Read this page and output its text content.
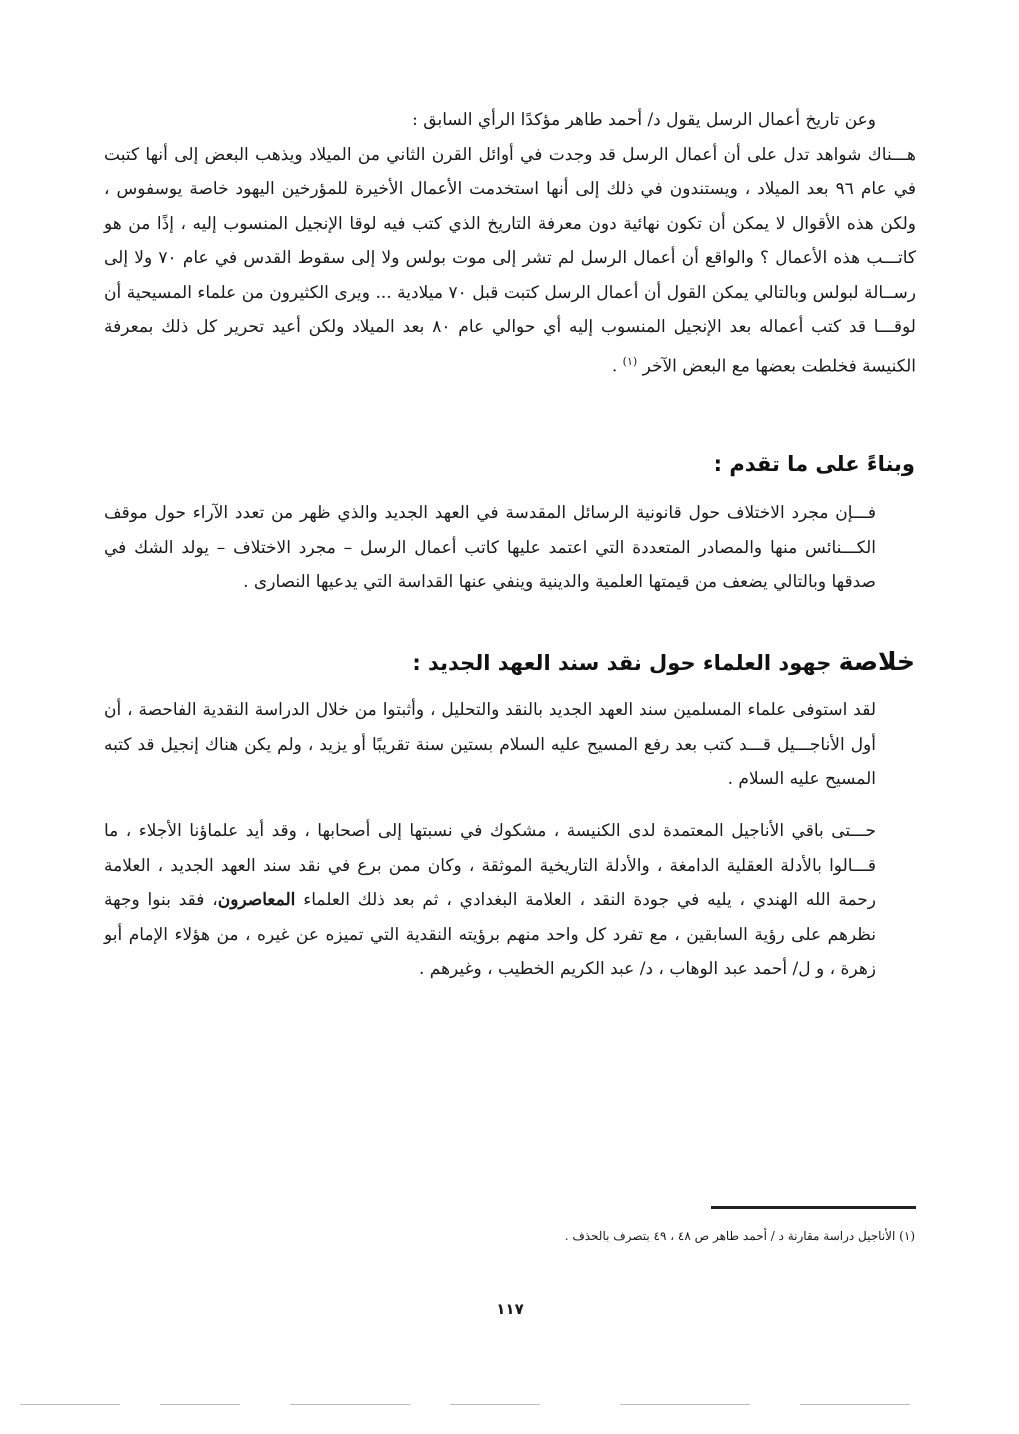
وعن تاريخ أعمال الرسل يقول د/ أحمد طاهر مؤكدًا الرأي السابق :

هـــناك شواهد تدل على أن أعمال الرسل قد وجدت في أوائل القرن الثاني من الميلاد ويذهب البعض إلى أنها كتبت في عام ٩٦ بعد الميلاد ، ويستندون في ذلك إلى أنها استخدمت الأعمال الأخيرة للمؤرخين اليهود خاصة يوسفوس ، ولكن هذه الأقوال لا يمكن أن تكون نهائية دون معرفة التاريخ الذي كتب فيه لوقا الإنجيل المنسوب إليه ، إذًا من هو كاتـــب هذه الأعمال ؟ والواقع أن أعمال الرسل لم تشر إلى موت بولس ولا إلى سقوط القدس في عام ٧٠ ولا إلى رســالة لبولس وبالتالي يمكن القول أن أعمال الرسل كتبت قبل ٧٠ ميلادية ... ويرى الكثيرون من علماء المسيحية أن لوقـــا قد كتب أعماله بعد الإنجيل المنسوب إليه أي حوالي عام ٨٠ بعد الميلاد ولكن أعيد تحرير كل ذلك بمعرفة الكنيسة فخلطت بعضها مع البعض الآخر $^{(١)}$ .

وبناءً على ما تقدم :

فـــإن مجرد الاختلاف حول قانونية الرسائل المقدسة في العهد الجديد والذي ظهر من تعدد الآراء حول موقف الكـــنائس منها والمصادر المتعددة التي اعتمد عليها كاتب أعمال الرسل – مجرد الاختلاف – يولد الشك في صدقها وبالتالي يضعف من قيمتها العلمية والدينية وينفي عنها القداسة التي يدعيها النصارى .

خلاصة جهود العلماء حول نقد سند العهد الجديد :

لقد استوفى علماء المسلمين سند العهد الجديد بالنقد والتحليل ، وأثبتوا من خلال الدراسة النقدية الفاحصة ، أن أول الأناجـــيل قـــد كتب بعد رفع المسيح عليه السلام بستين سنة تقريبًا أو يزيد ، ولم يكن هناك إنجيل قد كتبه المسيح عليه السلام .

حـــتى باقي الأناجيل المعتمدة لدى الكنيسة ، مشكوك في نسبتها إلى أصحابها ، وقد أيد علماؤنا الأجلاء ، ما قـــالوا بالأدلة العقلية الدامغة ، والأدلة التاريخية الموثقة ، وكان ممن برع في نقد سند العهد الجديد ، العلامة رحمة الله الهندي ، يليه في جودة النقد ، العلامة البغدادي ، ثم بعد ذلك العلماء المعاصرون، فقد بنوا وجهة نظرهم على رؤية السابقين ، مع تفرد كل واحد منهم برؤيته النقدية التي تميزه عن غيره ، من هؤلاء الإمام أبو زهرة ، و ل/ أحمد عبد الوهاب ، د/ عبد الكريم الخطيب ، وغيرهم .

(١) الأناجيل دراسة مقارنة د / أحمد طاهر ص ٤٨ ، ٤٩ بتصرف بالحذف .
١١٧
